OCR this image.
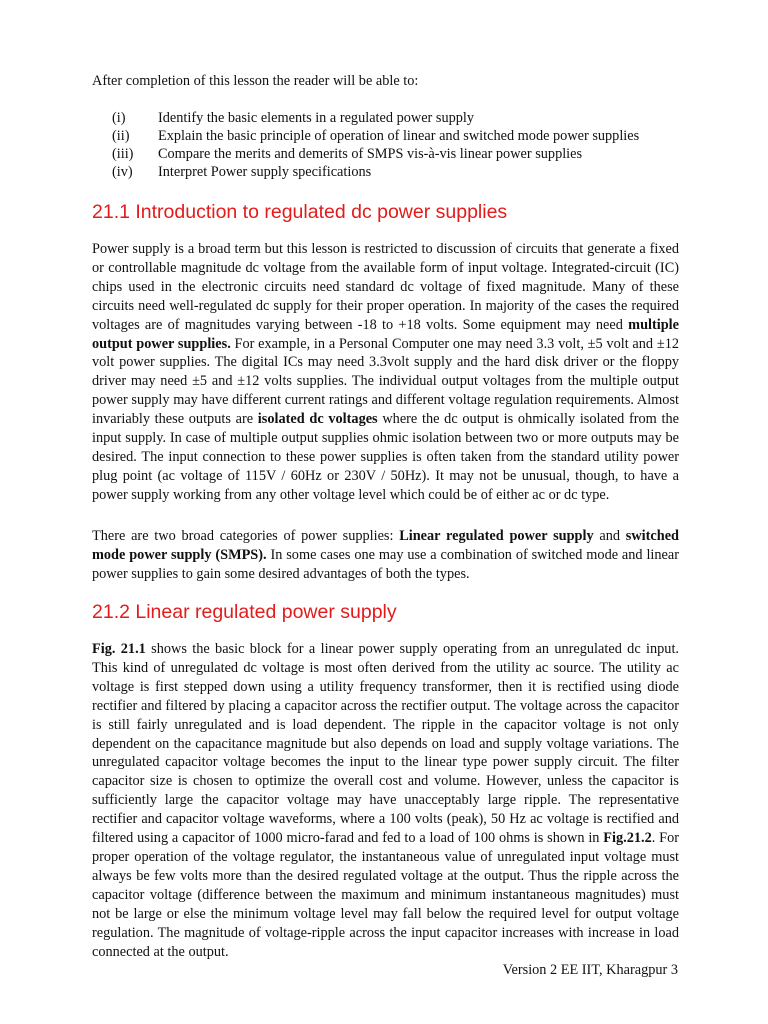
After completion of this lesson the reader will be able to:

(i) Identify the basic elements in a regulated power supply
(ii) Explain the basic principle of operation of linear and switched mode power supplies
(iii) Compare the merits and demerits of SMPS vis-à-vis linear power supplies
(iv) Interpret Power supply specifications
21.1 Introduction to regulated dc power supplies

Power supply is a broad term but this lesson is restricted to discussion of circuits that generate a fixed or controllable magnitude dc voltage from the available form of input voltage. Integrated-circuit (IC) chips used in the electronic circuits need standard dc voltage of fixed magnitude. Many of these circuits need well-regulated dc supply for their proper operation. In majority of the cases the required voltages are of magnitudes varying between -18 to +18 volts. Some equipment may need multiple output power supplies. For example, in a Personal Computer one may need 3.3 volt, ±5 volt and ±12 volt power supplies. The digital ICs may need 3.3volt supply and the hard disk driver or the floppy driver may need ±5 and ±12 volts supplies. The individual output voltages from the multiple output power supply may have different current ratings and different voltage regulation requirements. Almost invariably these outputs are isolated dc voltages where the dc output is ohmically isolated from the input supply. In case of multiple output supplies ohmic isolation between two or more outputs may be desired. The input connection to these power supplies is often taken from the standard utility power plug point (ac voltage of 115V / 60Hz or 230V / 50Hz). It may not be unusual, though, to have a power supply working from any other voltage level which could be of either ac or dc type.

There are two broad categories of power supplies: Linear regulated power supply and switched mode power supply (SMPS). In some cases one may use a combination of switched mode and linear power supplies to gain some desired advantages of both the types.

21.2 Linear regulated power supply

Fig. 21.1 shows the basic block for a linear power supply operating from an unregulated dc input. This kind of unregulated dc voltage is most often derived from the utility ac source. The utility ac voltage is first stepped down using a utility frequency transformer, then it is rectified using diode rectifier and filtered by placing a capacitor across the rectifier output. The voltage across the capacitor is still fairly unregulated and is load dependent. The ripple in the capacitor voltage is not only dependent on the capacitance magnitude but also depends on load and supply voltage variations. The unregulated capacitor voltage becomes the input to the linear type power supply circuit. The filter capacitor size is chosen to optimize the overall cost and volume. However, unless the capacitor is sufficiently large the capacitor voltage may have unacceptably large ripple. The representative rectifier and capacitor voltage waveforms, where a 100 volts (peak), 50 Hz ac voltage is rectified and filtered using a capacitor of 1000 micro-farad and fed to a load of 100 ohms is shown in Fig.21.2. For proper operation of the voltage regulator, the instantaneous value of unregulated input voltage must always be few volts more than the desired regulated voltage at the output. Thus the ripple across the capacitor voltage (difference between the maximum and minimum instantaneous magnitudes) must not be large or else the minimum voltage level may fall below the required level for output voltage regulation. The magnitude of voltage-ripple across the input capacitor increases with increase in load connected at the output.

Version 2 EE IIT, Kharagpur 3
